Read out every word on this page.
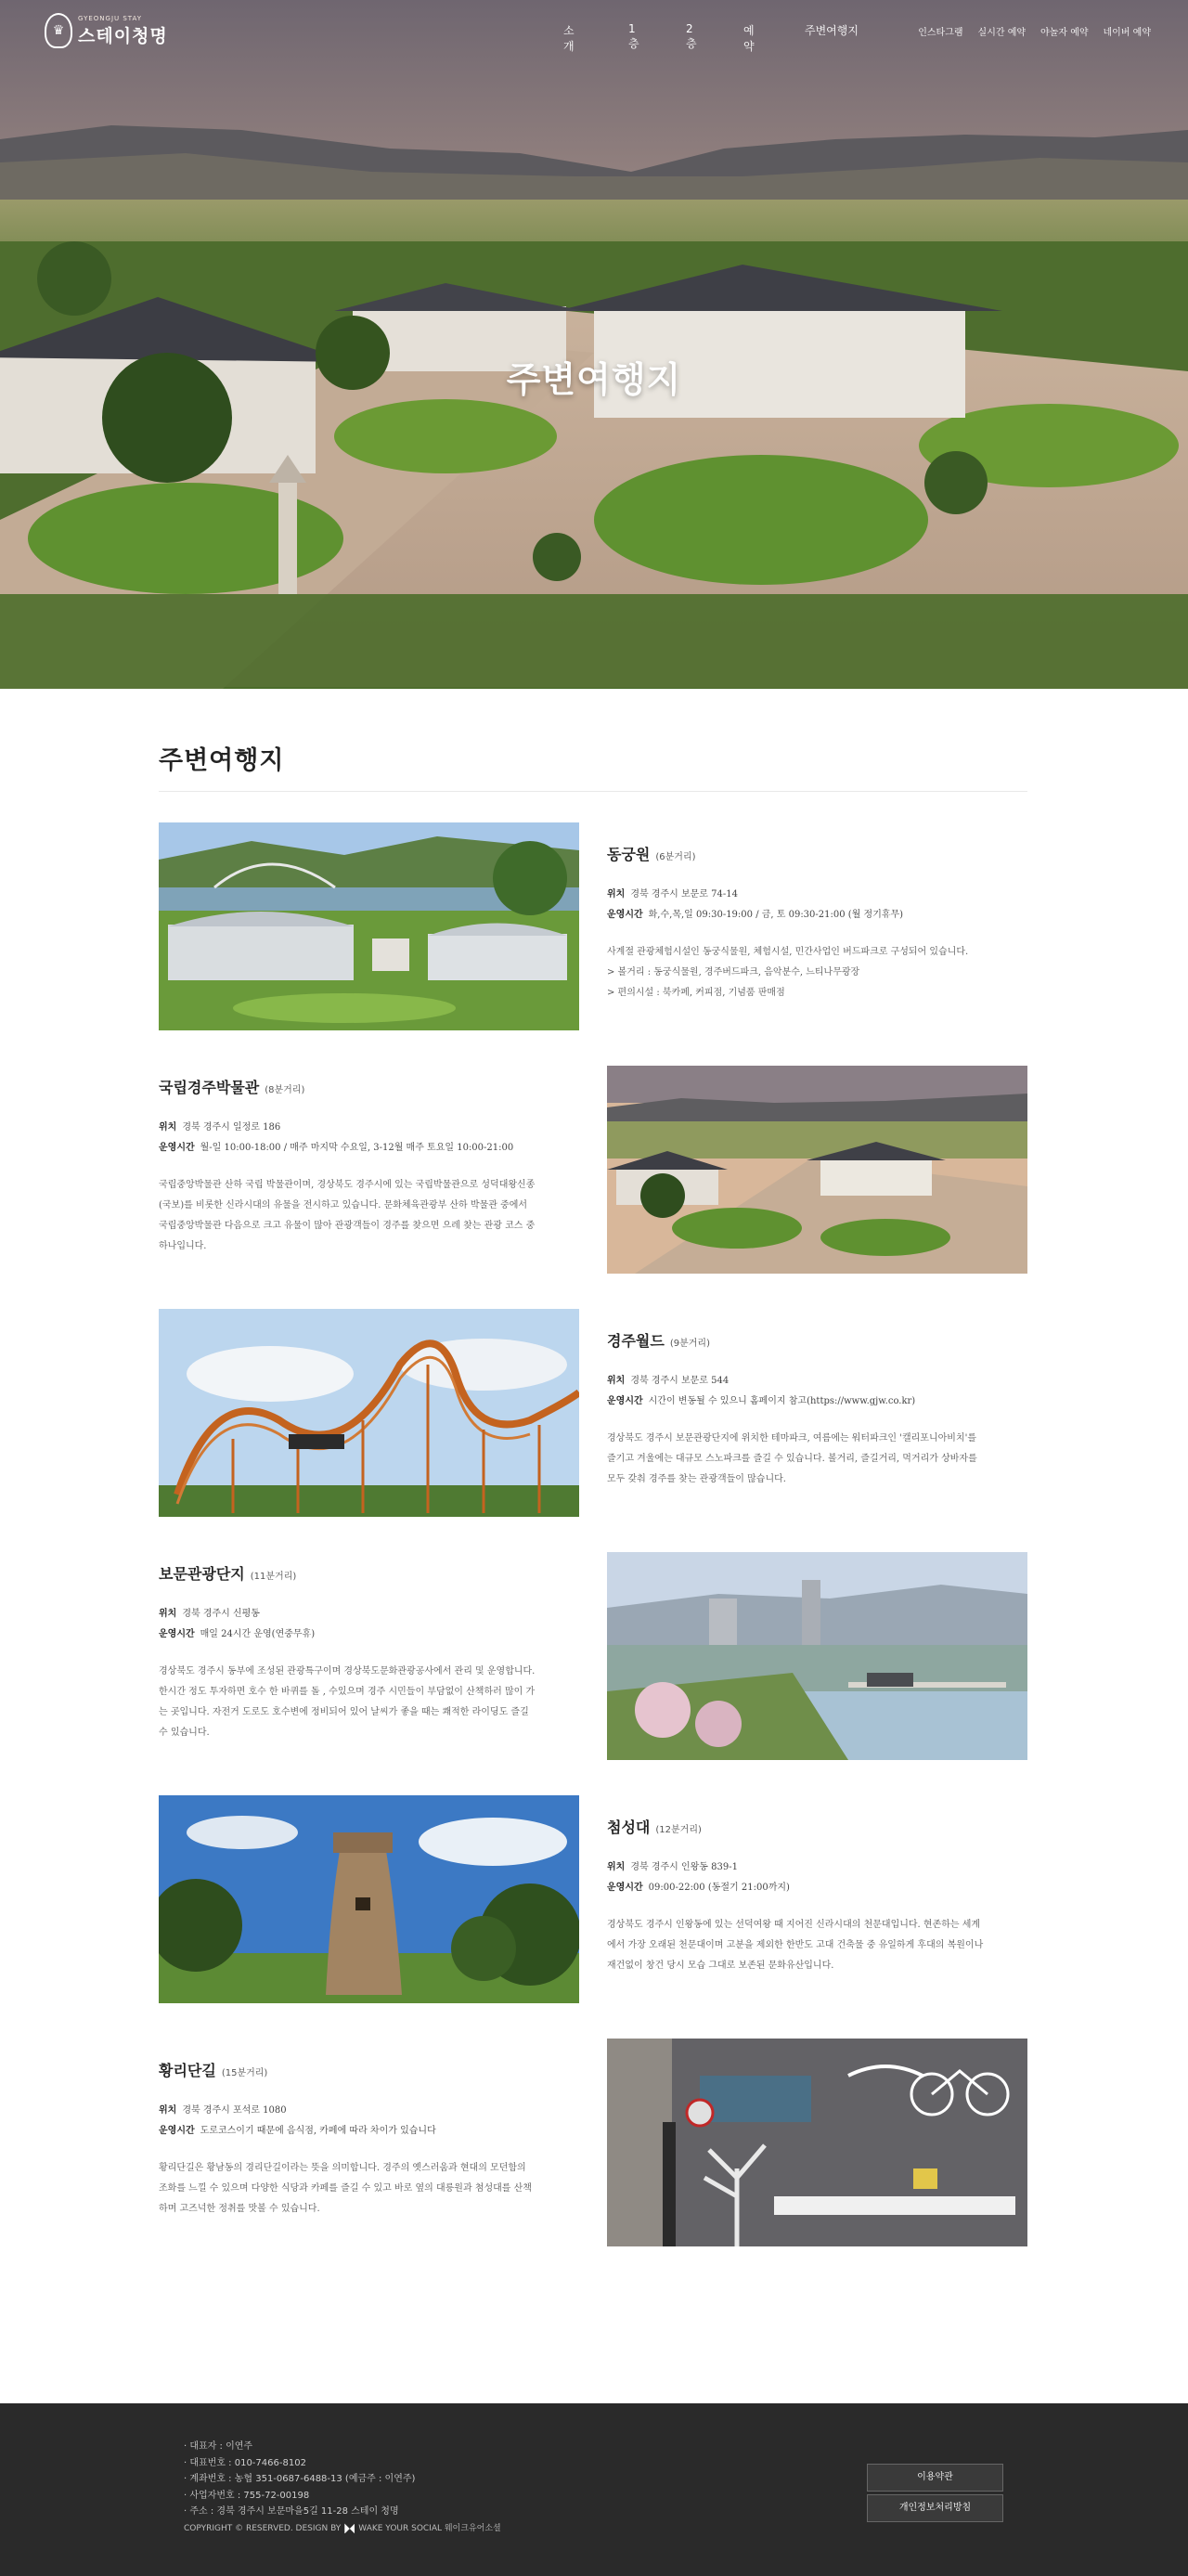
♛
GYEONGJU STAY
스테이청명	소개
1층
2층
예약
주변여행지	인스타그램 실시간 예약 야놀자 예약 네이버 예약
주변여행지
주변여행지
동궁원 (6분거리)
위치 경북 경주시 보문로 74-14
운영시간 화,수,목,일 09:30-19:00 / 금, 토 09:30-21:00 (월 정기휴무)
사계절 관광체험시설인 동궁식물원, 체험시설, 민간사업인 버드파크로 구성되어 있습니다.
> 볼거리 : 동궁식물원, 경주버드파크, 음악분수, 느티나무광장
> 편의시설 : 북카페, 커피점, 기념품 판매점
국립경주박물관 (8분거리)
위치 경북 경주시 일정로 186
운영시간 월-일 10:00-18:00 / 매주 마지막 수요일, 3-12월 매주 토요일 10:00-21:00
국립중앙박물관 산하 국립 박물관이며, 경상북도 경주시에 있는 국립박물관으로 성덕대왕신종
(국보)를 비롯한 신라시대의 유물을 전시하고 있습니다. 문화체육관광부 산하 박물관 중에서
국립중앙박물관 다음으로 크고 유물이 많아 관광객들이 경주를 찾으면 으레 찾는 관광 코스 중
하나입니다.
경주월드 (9분거리)
위치 경북 경주시 보문로 544
운영시간 시간이 변동될 수 있으니 홈페이지 참고(https://www.gjw.co.kr)
경상북도 경주시 보문관광단지에 위치한 테마파크, 여름에는 워터파크인 '캘리포니아비치'를
즐기고 겨울에는 대규모 스노파크를 즐길 수 있습니다. 볼거리, 즐길거리, 먹거리가 상바자를
모두 갖춰 경주를 찾는 관광객들이 많습니다.
보문관광단지 (11분거리)
위치 경북 경주시 신평동
운영시간 매일 24시간 운영(연중무휴)
경상북도 경주시 동부에 조성된 관광특구이며 경상북도문화관광공사에서 관리 및 운영합니다.
한시간 정도 투자하면 호수 한 바퀴를 돌 , 수있으며 경주 시민들이 부담없이 산책하러 많이 가
는 곳입니다. 자전거 도로도 호수변에 정비되어 있어 날씨가 좋을 때는 쾌적한 라이딩도 즐길
수 있습니다.
첨성대 (12분거리)
위치 경북 경주시 인왕동 839-1
운영시간 09:00-22:00 (동절기 21:00까지)
경상북도 경주시 인왕동에 있는 선덕여왕 때 지어진 신라시대의 천문대입니다. 현존하는 세계
에서 가장 오래된 천문대이며 고분을 제외한 한반도 고대 건축물 중 유일하게 후대의 복원이나
재건없이 창건 당시 모습 그대로 보존된 문화유산입니다.
황리단길 (15분거리)
위치 경북 경주시 포석로 1080
운영시간 도로코스이기 때문에 음식점, 카페에 따라 차이가 있습니다
황리단길은 황남동의 경리단길이라는 뜻을 의미합니다. 경주의 옛스러움과 현대의 모던함의
조화를 느낄 수 있으며 다양한 식당과 카페를 즐길 수 있고 바로 옆의 대릉원과 첨성대를 산책
하며 고즈넉한 정취를 맛볼 수 있습니다.

· 대표자 : 이연주

· 대표번호 : 010-7466-8102

· 계좌번호 : 농협 351-0687-6488-13 (예금주 : 이연주)

· 사업자번호 : 755-72-00198

· 주소 : 경북 경주시 보문마을5길 11-28 스테이 청명

COPYRIGHT © RESERVED. DESIGN BY WAKE YOUR SOCIAL 웨이크유어소셜
이용약관
개인정보처리방침
